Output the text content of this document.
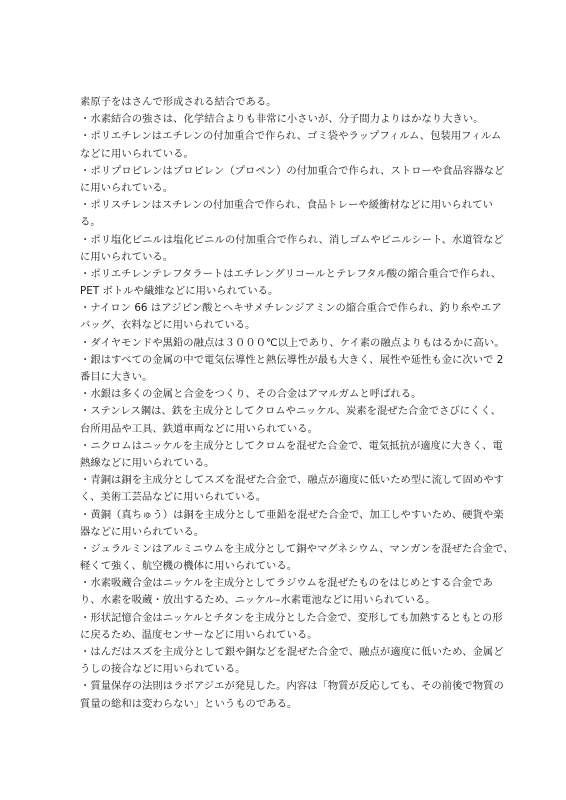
素原子をはさんで形成される結合である。
・水素結合の強さは、化学結合よりも非常に小さいが、分子間力よりはかなり大きい。
・ポリエチレンはエチレンの付加重合で作られ、ゴミ袋やラップフィルム、包装用フィルム
などに用いられている。
・ポリプロピレンはプロピレン（プロペン）の付加重合で作られ、ストローや食品容器など
に用いられている。
・ポリスチレンはスチレンの付加重合で作られ、食品トレーや緩衝材などに用いられてい
る。
・ポリ塩化ビニルは塩化ビニルの付加重合で作られ、消しゴムやビニルシート、水道管など
に用いられている。
・ポリエチレンテレフタラートはエチレングリコールとテレフタル酸の縮合重合で作られ、
PET ボトルや繊維などに用いられている。
・ナイロン 66 はアジピン酸とヘキサメチレンジアミンの縮合重合で作られ、釣り糸やエア
バッグ、衣料などに用いられている。
・ダイヤモンドや黒鉛の融点は３０００℃以上であり、ケイ素の融点よりもはるかに高い。
・銀はすべての金属の中で電気伝導性と熱伝導性が最も大きく、展性や延性も金に次いで 2
番目に大きい。
・水銀は多くの金属と合金をつくり、その合金はアマルガムと呼ばれる。
・ステンレス鋼は、鉄を主成分としてクロムやニッケル、炭素を混ぜた合金でさびにくく、
台所用品や工具、鉄道車両などに用いられている。
・ニクロムはニッケルを主成分としてクロムを混ぜた合金で、電気抵抗が適度に大きく、電
熱線などに用いられている。
・青銅は銅を主成分としてスズを混ぜた合金で、融点が適度に低いため型に流して固めやす
く、美術工芸品などに用いられている。
・黄銅（真ちゅう）は銅を主成分として亜鉛を混ぜた合金で、加工しやすいため、硬貨や楽
器などに用いられている。
・ジュラルミンはアルミニウムを主成分として銅やマグネシウム、マンガンを混ぜた合金で、
軽くて強く、航空機の機体に用いられている。
・水素吸蔵合金はニッケルを主成分としてラジウムを混ぜたものをはじめとする合金であ
り、水素を吸蔵・放出するため、ニッケル–水素電池などに用いられている。
・形状記憶合金はニッケルとチタンを主成分とした合金で、変形しても加熱するともとの形
に戻るため、温度センサーなどに用いられている。
・はんだはスズを主成分として銀や銅などを混ぜた合金で、融点が適度に低いため、金属ど
うしの接合などに用いられている。
・質量保存の法則はラボアジエが発見した。内容は「物質が反応しても、その前後で物質の
質量の総和は変わらない」というものである。
